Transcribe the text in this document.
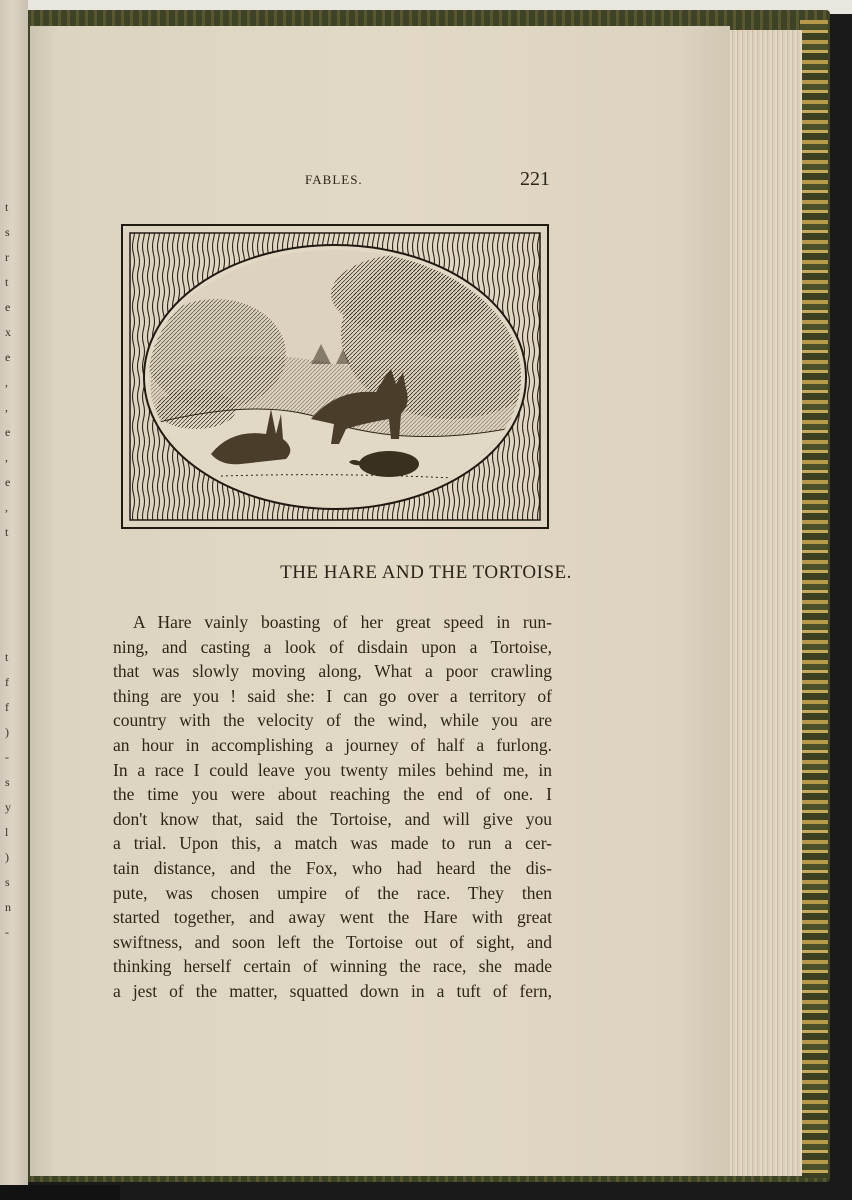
t
s
r
t
e
x
e
,
,
e
,
e
,
t
t
f
f
)
-
s
y
l
)
s
n
-
FABLES.	221
THE HARE AND THE TORTOISE.
A Hare vainly boasting of her great speed in run-
ning, and casting a look of disdain upon a Tortoise,
that was slowly moving along, What a poor crawling
thing are you ! said she: I can go over a territory of
country with the velocity of the wind, while you are
an hour in accomplishing a journey of half a furlong.
In a race I could leave you twenty miles behind me, in
the time you were about reaching the end of one. I
don't know that, said the Tortoise, and will give you
a trial. Upon this, a match was made to run a cer-
tain distance, and the Fox, who had heard the dis-
pute, was chosen umpire of the race. They then
started together, and away went the Hare with great
swiftness, and soon left the Tortoise out of sight, and
thinking herself certain of winning the race, she made
a jest of the matter, squatted down in a tuft of fern,
